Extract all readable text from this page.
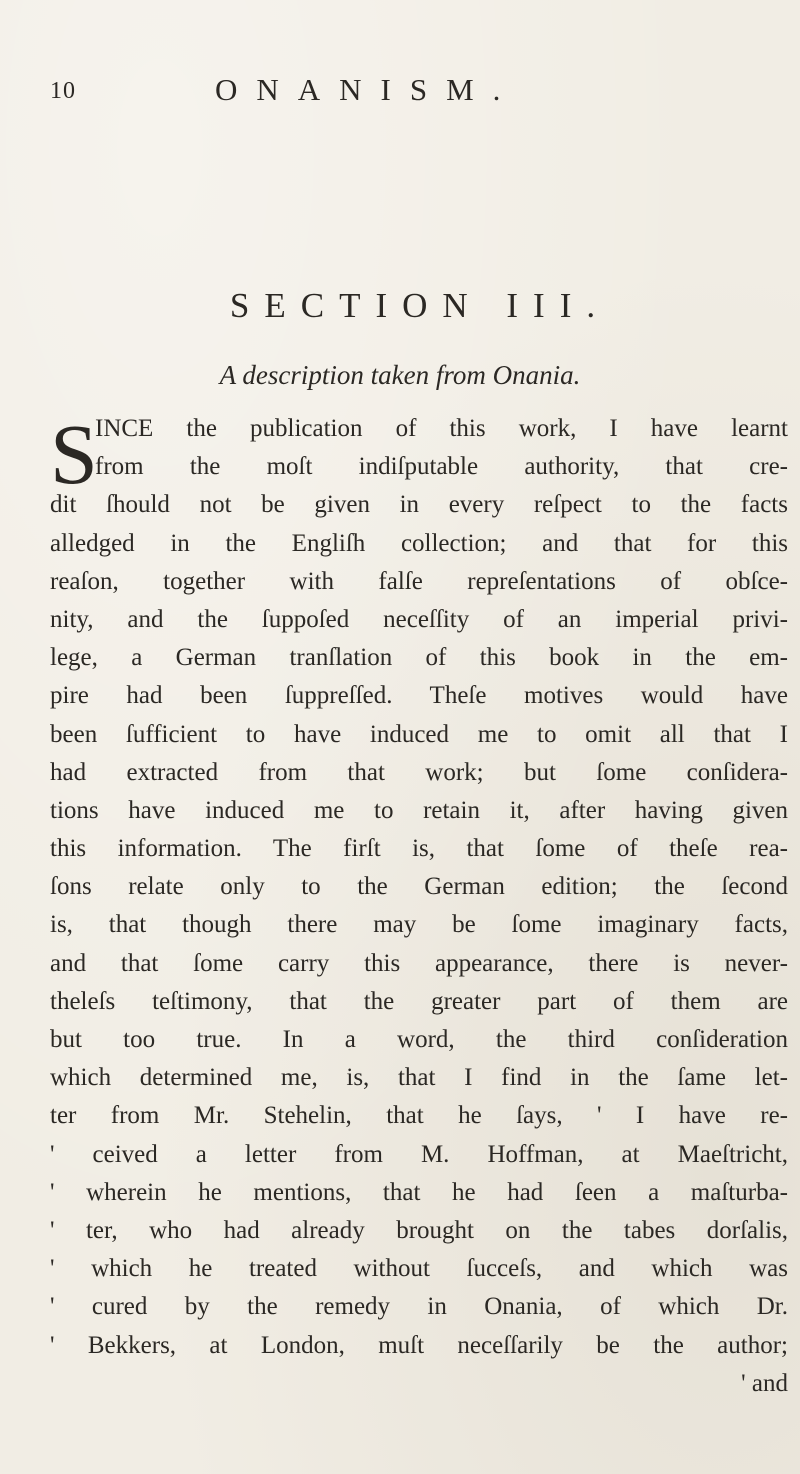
10	ONANISM.
SECTION III.
A description taken from Onania.
S
INCE the publication of this work, I have learnt
from the moſt indiſputable authority, that cre-
dit ſhould not be given in every reſpect to the facts
alledged in the Engliſh collection; and that for this
reaſon, together with falſe repreſentations of obſce-
nity, and the ſuppoſed neceſſity of an imperial privi-
lege, a German tranſlation of this book in the em-
pire had been ſuppreſſed. Theſe motives would have
been ſufficient to have induced me to omit all that I
had extracted from that work; but ſome conſidera-
tions have induced me to retain it, after having given
this information. The firſt is, that ſome of theſe rea-
ſons relate only to the German edition; the ſecond
is, that though there may be ſome imaginary facts,
and that ſome carry this appearance, there is never-
theleſs teſtimony, that the greater part of them are
but too true. In a word, the third conſideration
which determined me, is, that I find in the ſame let-
ter from Mr. Stehelin, that he ſays, ' I have re-
' ceived a letter from M. Hoffman, at Maeſtricht,
' wherein he mentions, that he had ſeen a maſturba-
' ter, who had already brought on the tabes dorſalis,
' which he treated without ſucceſs, and which was
' cured by the remedy in Onania, of which Dr.
' Bekkers, at London, muſt neceſſarily be the author;
' and
